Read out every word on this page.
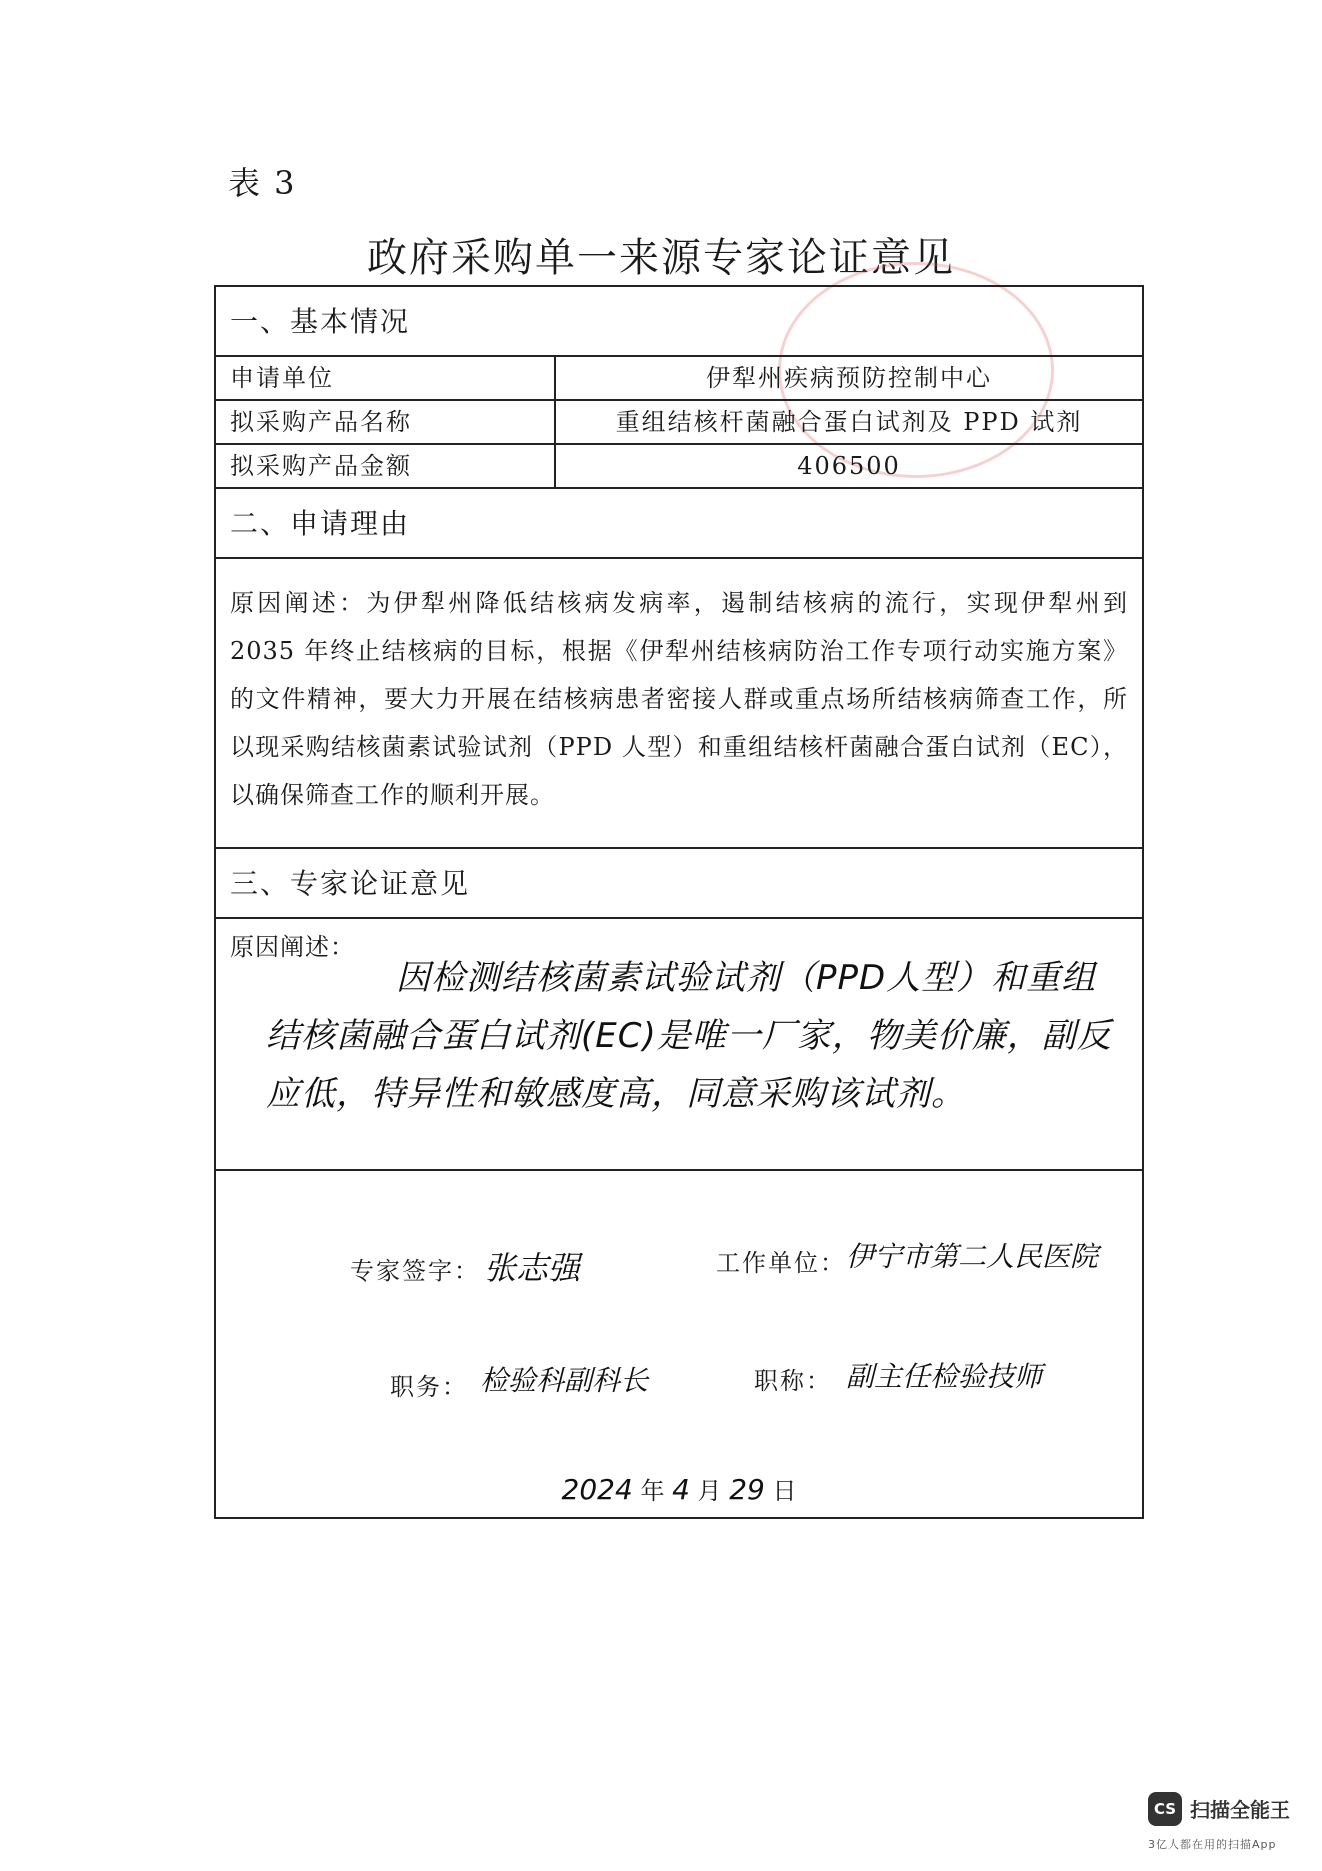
表 3
政府采购单一来源专家论证意见
一、基本情况
申请单位	伊犁州疾病预防控制中心
拟采购产品名称	重组结核杆菌融合蛋白试剂及 PPD 试剂
拟采购产品金额	406500
二、申请理由
原因阐述：为伊犁州降低结核病发病率，遏制结核病的流行，实现伊犁州到 2035 年终止结核病的目标，根据《伊犁州结核病防治工作专项行动实施方案》的文件精神，要大力开展在结核病患者密接人群或重点场所结核病筛查工作，所以现采购结核菌素试验试剂（PPD 人型）和重组结核杆菌融合蛋白试剂（EC），以确保筛查工作的顺利开展。
三、专家论证意见
原因阐述：
因检测结核菌素试验试剂（PPD人型）和重组结核菌融合蛋白试剂(EC)是唯一厂家，物美价廉，副反应低，特异性和敏感度高，同意采购该试剂。
专家签字： 张志强	工作单位： 伊宁市第二人民医院
职务： 检验科副科长	职称： 副主任检验技师
2024 年 4 月 29 日
CS 扫描全能王
3亿人都在用的扫描App
